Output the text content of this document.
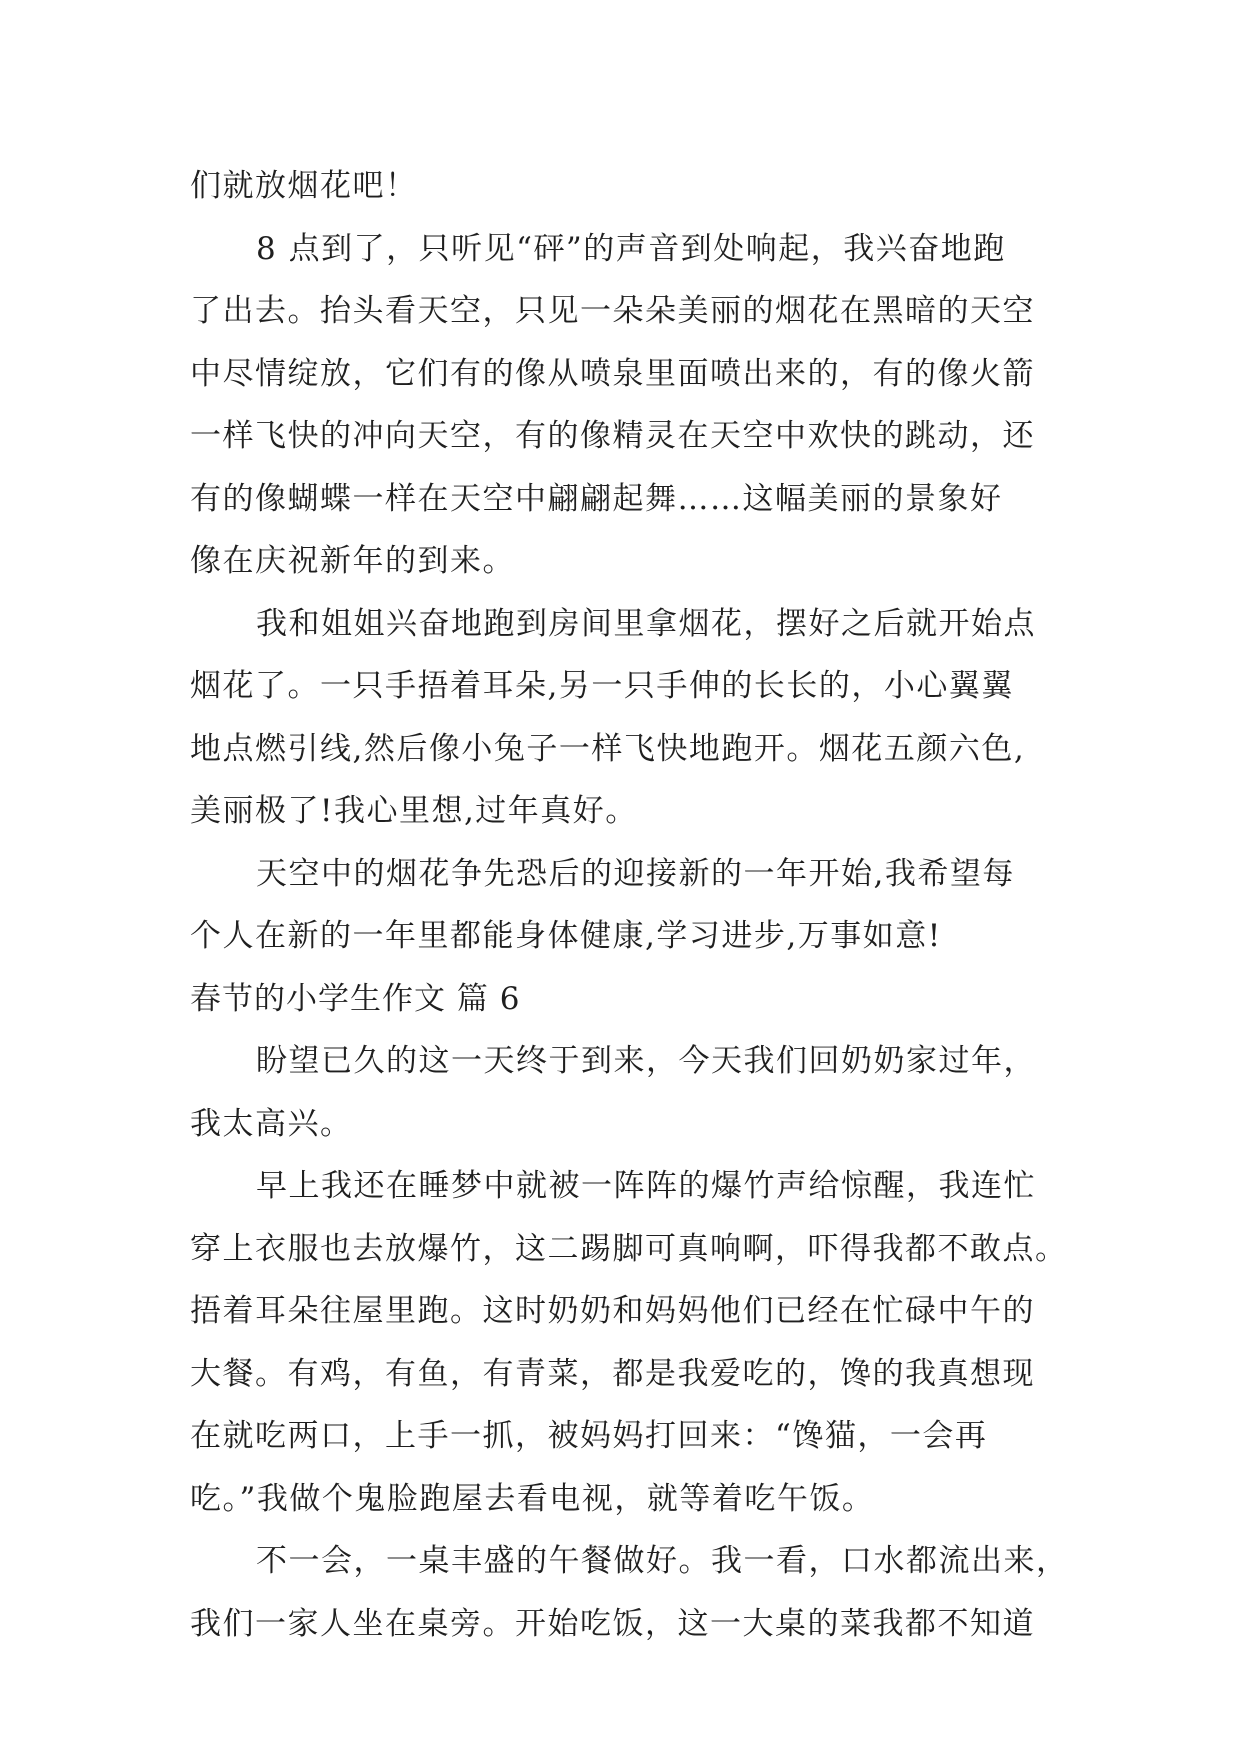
们就放烟花吧！
8 点到了，只听见“砰”的声音到处响起，我兴奋地跑
了出去。抬头看天空，只见一朵朵美丽的烟花在黑暗的天空
中尽情绽放，它们有的像从喷泉里面喷出来的，有的像火箭
一样飞快的冲向天空，有的像精灵在天空中欢快的跳动，还
有的像蝴蝶一样在天空中翩翩起舞……这幅美丽的景象好
像在庆祝新年的到来。
我和姐姐兴奋地跑到房间里拿烟花，摆好之后就开始点
烟花了。一只手捂着耳朵,另一只手伸的长长的，小心翼翼
地点燃引线,然后像小兔子一样飞快地跑开。烟花五颜六色,
美丽极了!我心里想,过年真好。
天空中的烟花争先恐后的迎接新的一年开始,我希望每
个人在新的一年里都能身体健康,学习进步,万事如意!
春节的小学生作文 篇 6
盼望已久的这一天终于到来，今天我们回奶奶家过年，
我太高兴。
早上我还在睡梦中就被一阵阵的爆竹声给惊醒，我连忙
穿上衣服也去放爆竹，这二踢脚可真响啊，吓得我都不敢点。
捂着耳朵往屋里跑。这时奶奶和妈妈他们已经在忙碌中午的
大餐。有鸡，有鱼，有青菜，都是我爱吃的，馋的我真想现
在就吃两口，上手一抓，被妈妈打回来：“馋猫，一会再
吃。”我做个鬼脸跑屋去看电视，就等着吃午饭。
不一会，一桌丰盛的午餐做好。我一看，口水都流出来，
我们一家人坐在桌旁。开始吃饭，这一大桌的菜我都不知道
